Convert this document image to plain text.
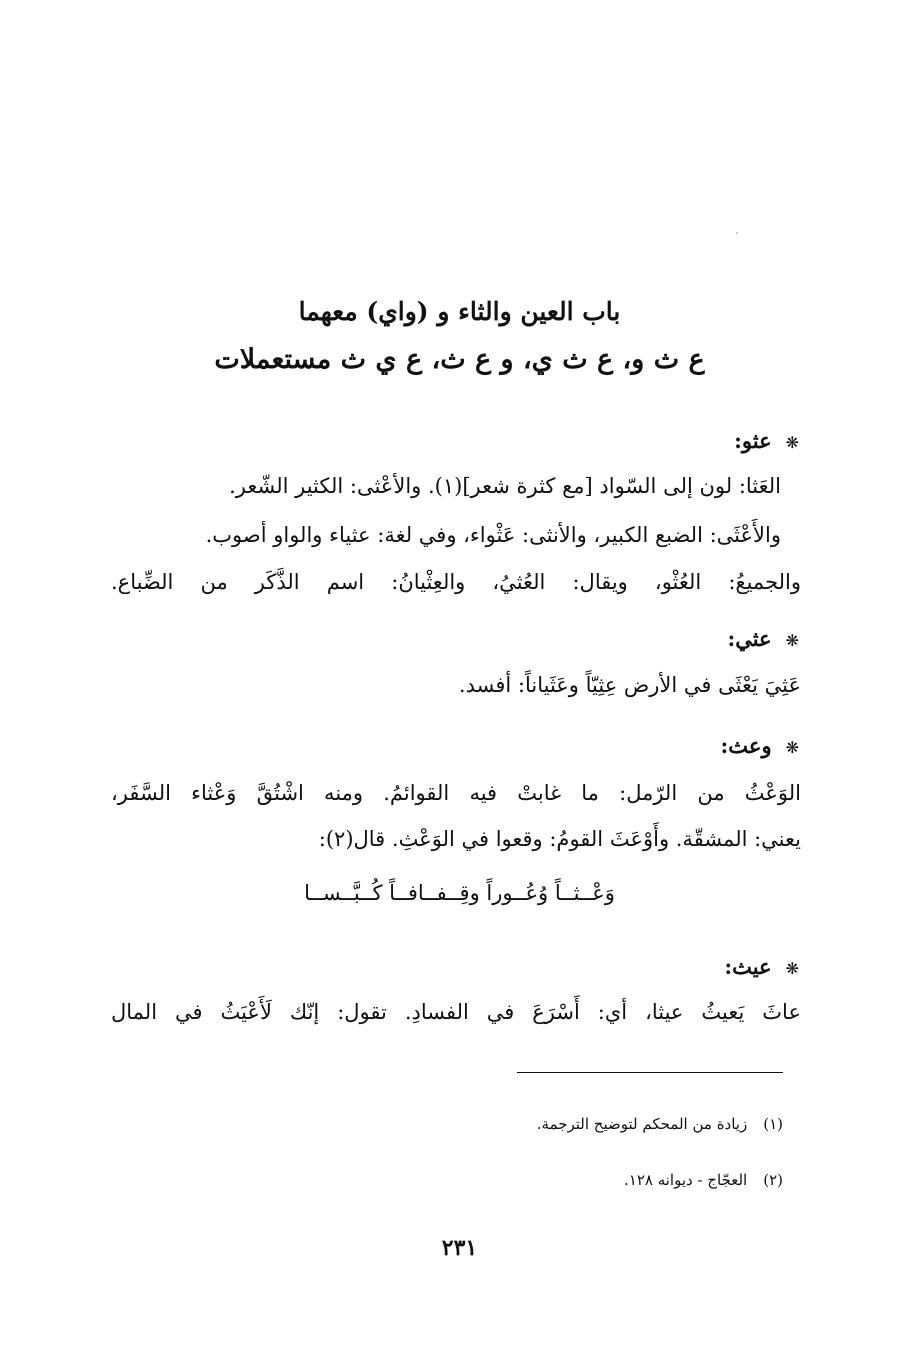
باب العين والثاء و (واي) معهما
ع ث و، ع ث ي، و ع ث، ع ي ث مستعملات
❋عثو:
العَثا: لون إلى السّواد [مع كثرة شعر](١). والأعْثى: الكثير الشّعر.
والأَعْثَى: الضبع الكبير، والأنثى: عَثْواء، وفي لغة: عثياء والواو أصوب.
والجميعُ: العُثْو، ويقال: العُثيُ، والعِثْيانُ: اسم الذَّكَر من الضِّباع.
❋عثي:
عَثِيَ يَعْثَى في الأرض عِثِيّاً وعَثَياناً: أفسد.
❋وعث:
الوَعْثُ من الرّمل: ما غابتْ فيه القوائمُ. ومنه اشْتُقَّ وَعْثاء السَّفَر،
يعني: المشقّة. وأَوْعَثَ القومُ: وقعوا في الوَعْثِ. قال(٢):
وَعْــثــاً وُعُــوراً وقِــفــافــاً كُــبَّــســا
❋عيث:
عاثَ يَعيثُ عيثا، أي: أَسْرَعَ في الفسادِ. تقول: إنّك لَأَعْيَثُ في المال
(١)زيادة من المحكم لتوضيح الترجمة.
(٢)العجّاج - ديوانه ١٢٨.
٢٣١
